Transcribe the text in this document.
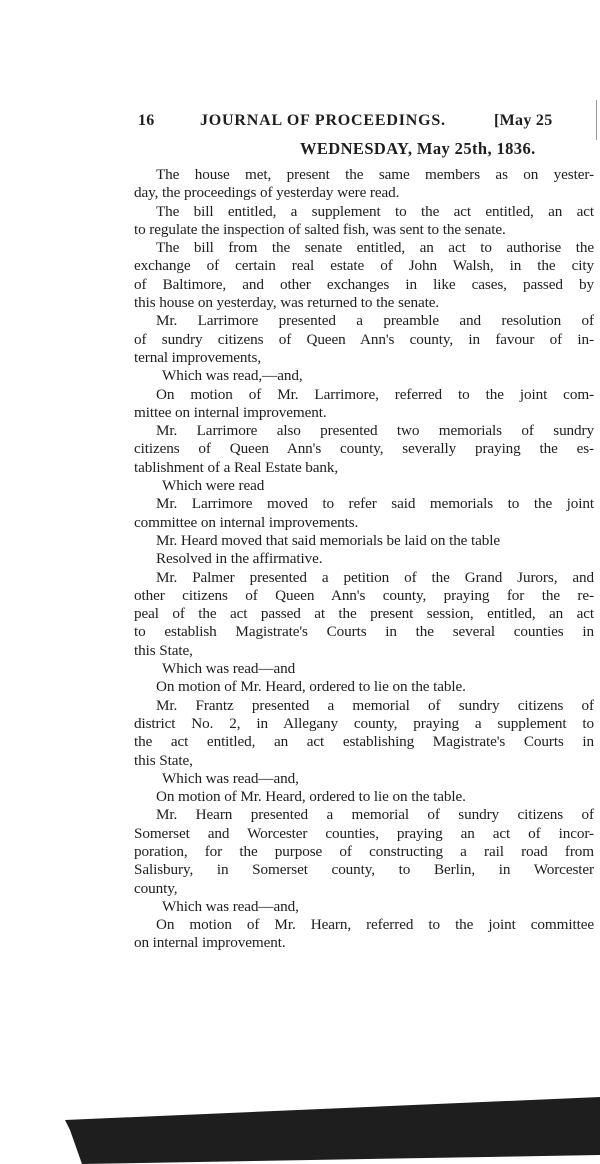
16	JOURNAL OF PROCEEDINGS.	[May 25
WEDNESDAY, May 25th, 1836.
The house met, present the same members as on yester-
day, the proceedings of yesterday were read.
The bill entitled, a supplement to the act entitled, an act
to regulate the inspection of salted fish, was sent to the senate.
The bill from the senate entitled, an act to authorise the
exchange of certain real estate of John Walsh, in the city
of Baltimore, and other exchanges in like cases, passed by
this house on yesterday, was returned to the senate.
Mr. Larrimore presented a preamble and resolution of
of sundry citizens of Queen Ann's county, in favour of in-
ternal improvements,
Which was read,—and,
On motion of Mr. Larrimore, referred to the joint com-
mittee on internal improvement.
Mr. Larrimore also presented two memorials of sundry
citizens of Queen Ann's county, severally praying the es-
tablishment of a Real Estate bank,
Which were read
Mr. Larrimore moved to refer said memorials to the joint
committee on internal improvements.
Mr. Heard moved that said memorials be laid on the table
Resolved in the affirmative.
Mr. Palmer presented a petition of the Grand Jurors, and
other citizens of Queen Ann's county, praying for the re-
peal of the act passed at the present session, entitled, an act
to establish Magistrate's Courts in the several counties in
this State,
Which was read—and
On motion of Mr. Heard, ordered to lie on the table.
Mr. Frantz presented a memorial of sundry citizens of
district No. 2, in Allegany county, praying a supplement to
the act entitled, an act establishing Magistrate's Courts in
this State,
Which was read—and,
On motion of Mr. Heard, ordered to lie on the table.
Mr. Hearn presented a memorial of sundry citizens of
Somerset and Worcester counties, praying an act of incor-
poration, for the purpose of constructing a rail road from
Salisbury, in Somerset county, to Berlin, in Worcester
county,
Which was read—and,
On motion of Mr. Hearn, referred to the joint committee
on internal improvement.
